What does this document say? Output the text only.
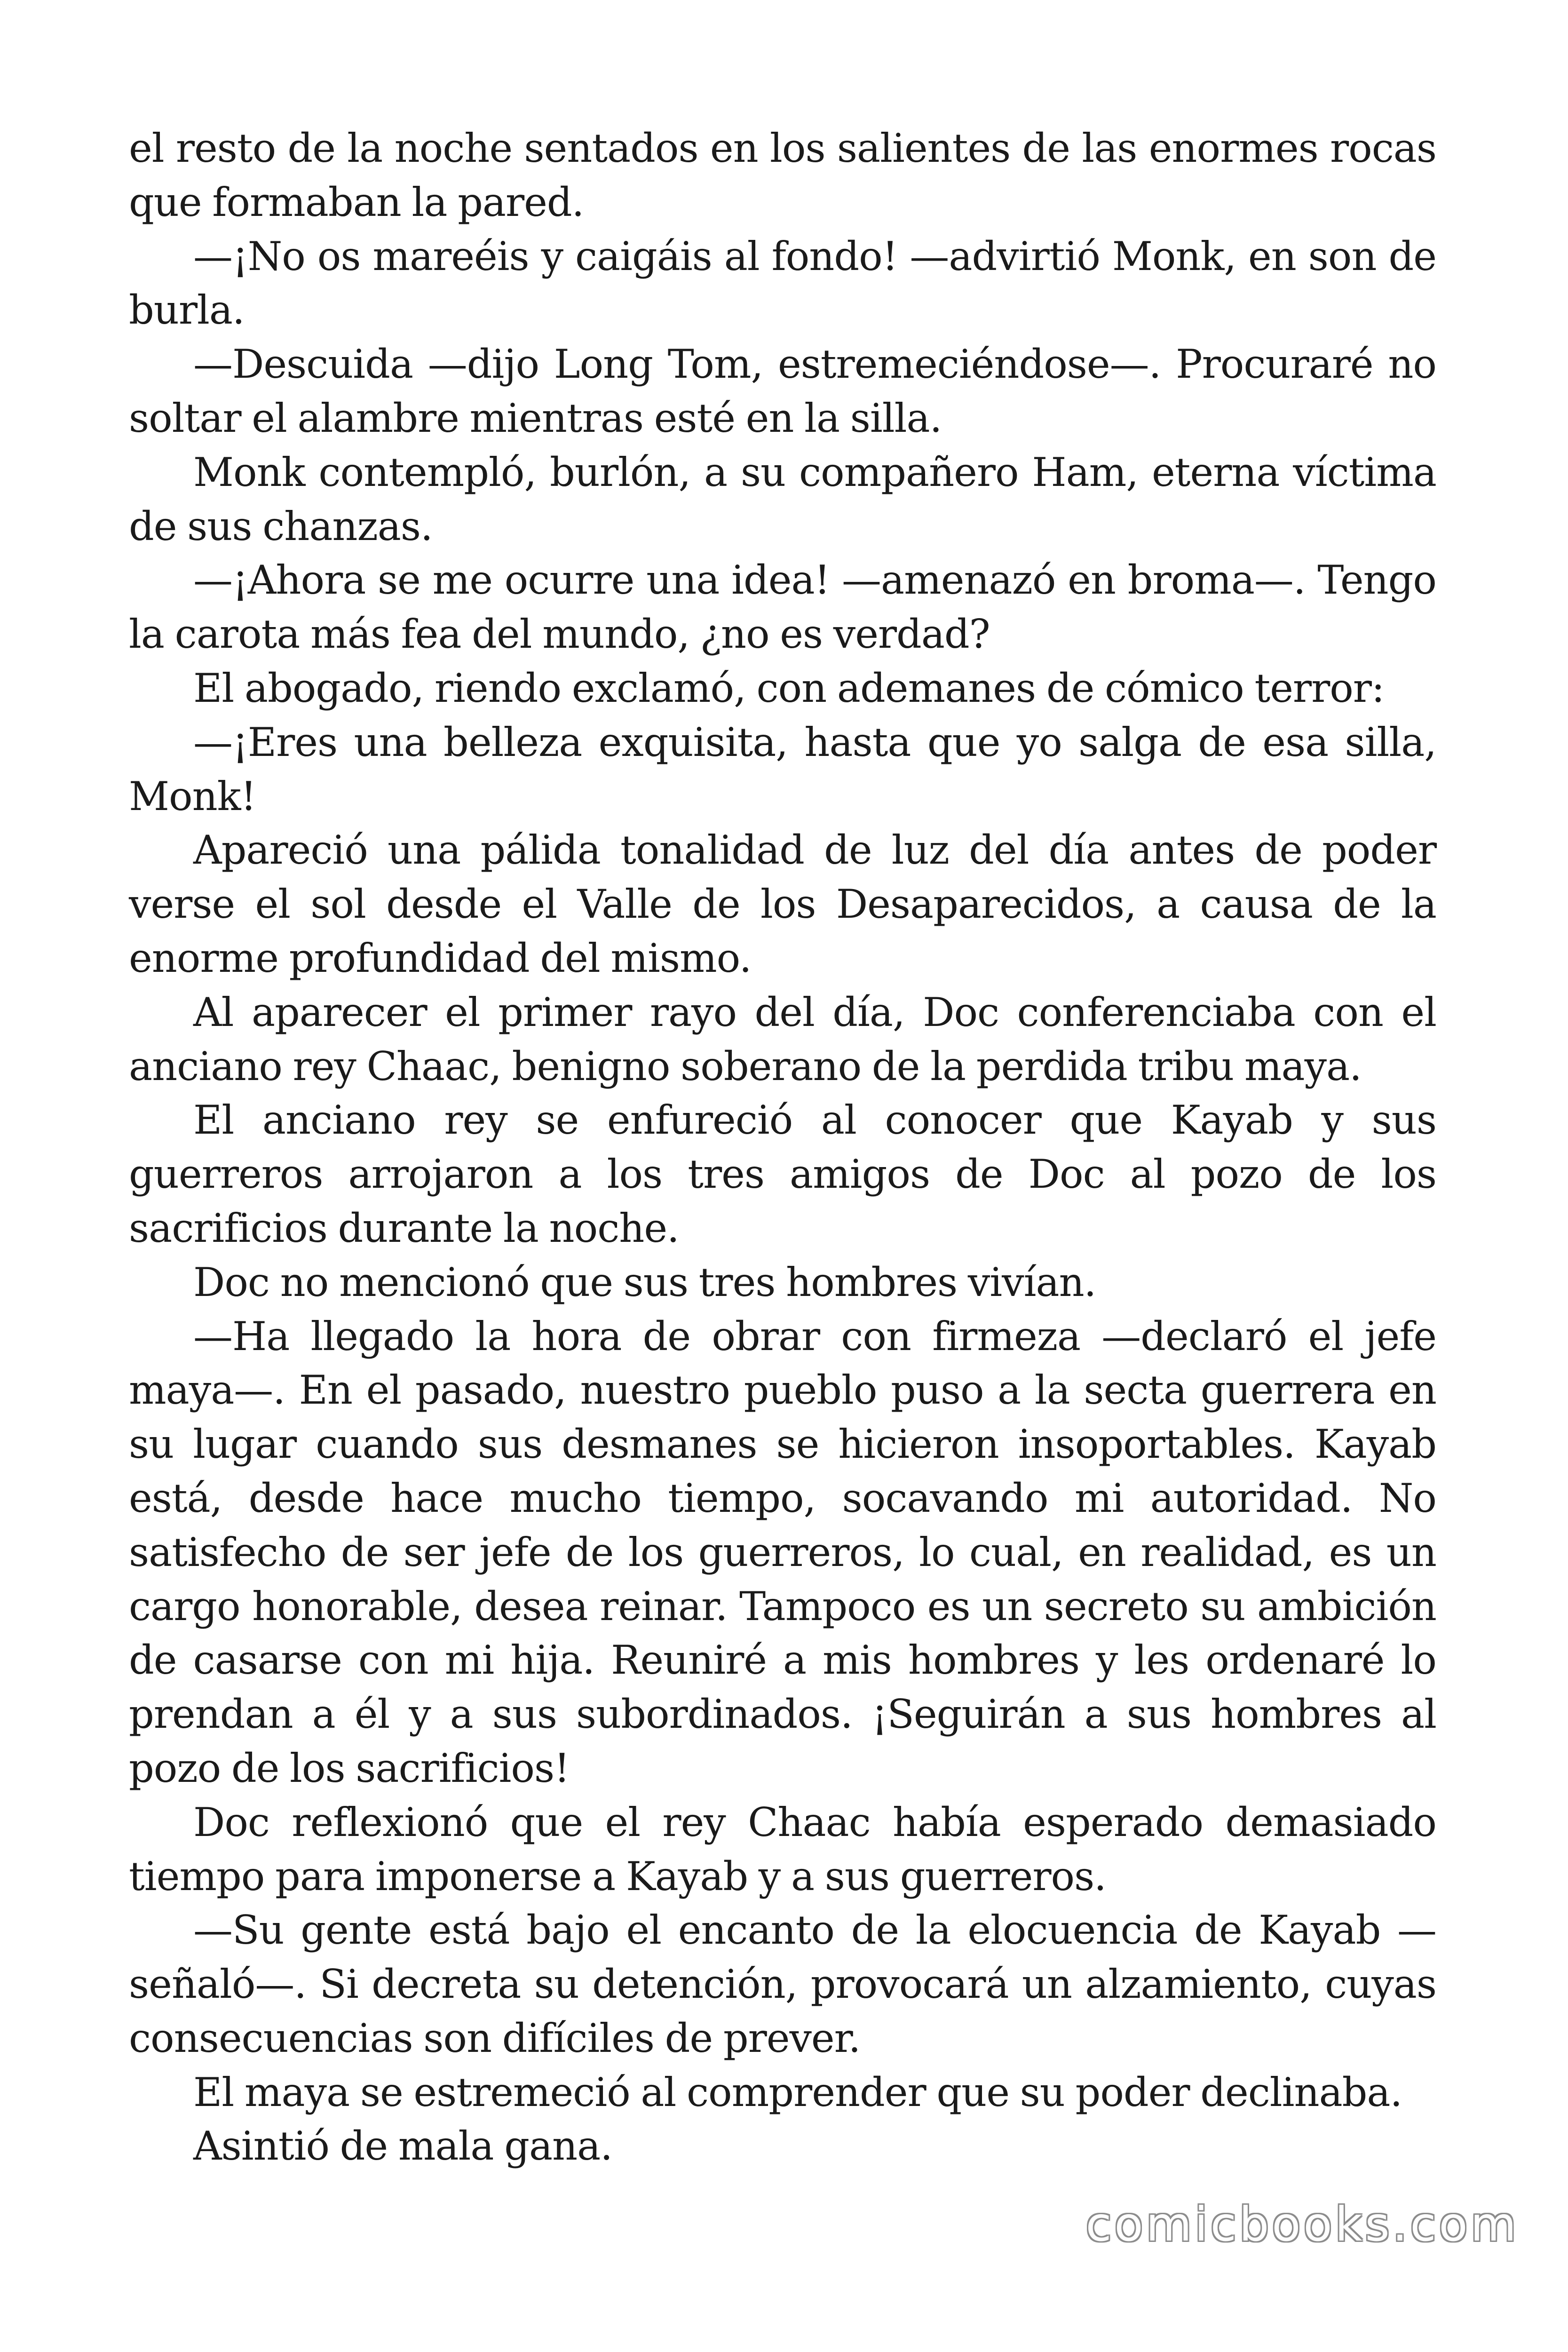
el resto de la noche sentados en los salientes de las enormes rocas que formaban la pared.

—¡No os mareéis y caigáis al fondo! —advirtió Monk, en son de burla.

—Descuida —dijo Long Tom, estremeciéndose—. Procuraré no soltar el alambre mientras esté en la silla.

Monk contempló, burlón, a su compañero Ham, eterna víctima de sus chanzas.

—¡Ahora se me ocurre una idea! —amenazó en broma—. Tengo la carota más fea del mundo, ¿no es verdad?

El abogado, riendo exclamó, con ademanes de cómico terror:

—¡Eres una belleza exquisita, hasta que yo salga de esa silla, Monk!

Apareció una pálida tonalidad de luz del día antes de poder verse el sol desde el Valle de los Desaparecidos, a causa de la enorme profundidad del mismo.

Al aparecer el primer rayo del día, Doc conferenciaba con el anciano rey Chaac, benigno soberano de la perdida tribu maya.

El anciano rey se enfureció al conocer que Kayab y sus guerreros arrojaron a los tres amigos de Doc al pozo de los sacrificios durante la noche.

Doc no mencionó que sus tres hombres vivían.

—Ha llegado la hora de obrar con firmeza —declaró el jefe maya—. En el pasado, nuestro pueblo puso a la secta guerrera en su lugar cuando sus desmanes se hicieron insoportables. Kayab está, desde hace mucho tiempo, socavando mi autoridad. No satisfecho de ser jefe de los guerreros, lo cual, en realidad, es un cargo honorable, desea reinar. Tampoco es un secreto su ambición de casarse con mi hija. Reuniré a mis hombres y les ordenaré lo prendan a él y a sus subordinados. ¡Seguirán a sus hombres al pozo de los sacrificios!

Doc reflexionó que el rey Chaac había esperado demasiado tiempo para imponerse a Kayab y a sus guerreros.

—Su gente está bajo el encanto de la elocuencia de Kayab —señaló—. Si decreta su detención, provocará un alzamiento, cuyas consecuencias son difíciles de prever.

El maya se estremeció al comprender que su poder declinaba.

Asintió de mala gana.

comicbooks.com
